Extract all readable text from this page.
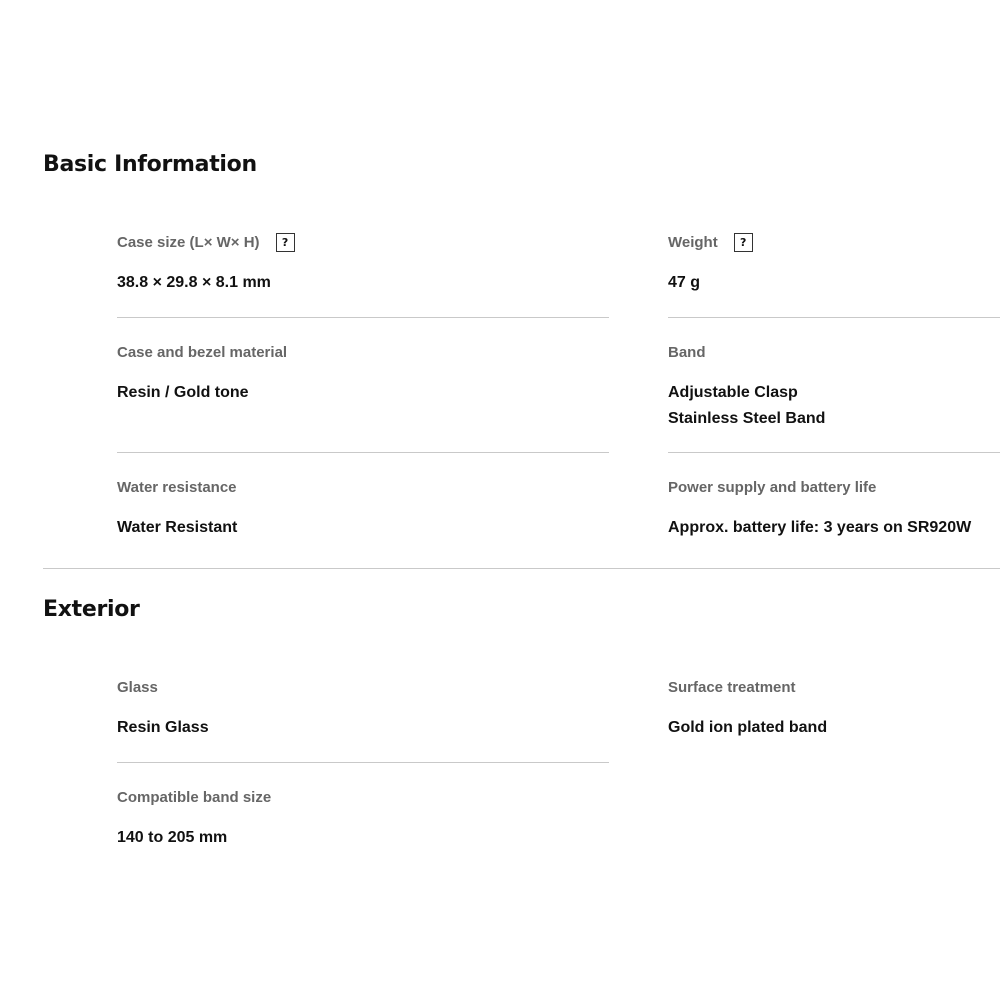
Basic Information
Case size (L× W× H)	?
38.8 × 29.8 × 8.1 mm
Weight	?
47 g
Case and bezel material
Resin / Gold tone
Band
Adjustable Clasp
Stainless Steel Band
Water resistance
Water Resistant
Power supply and battery life
Approx. battery life: 3 years on SR920W
Exterior
Glass
Resin Glass
Surface treatment
Gold ion plated band
Compatible band size
140 to 205 mm
